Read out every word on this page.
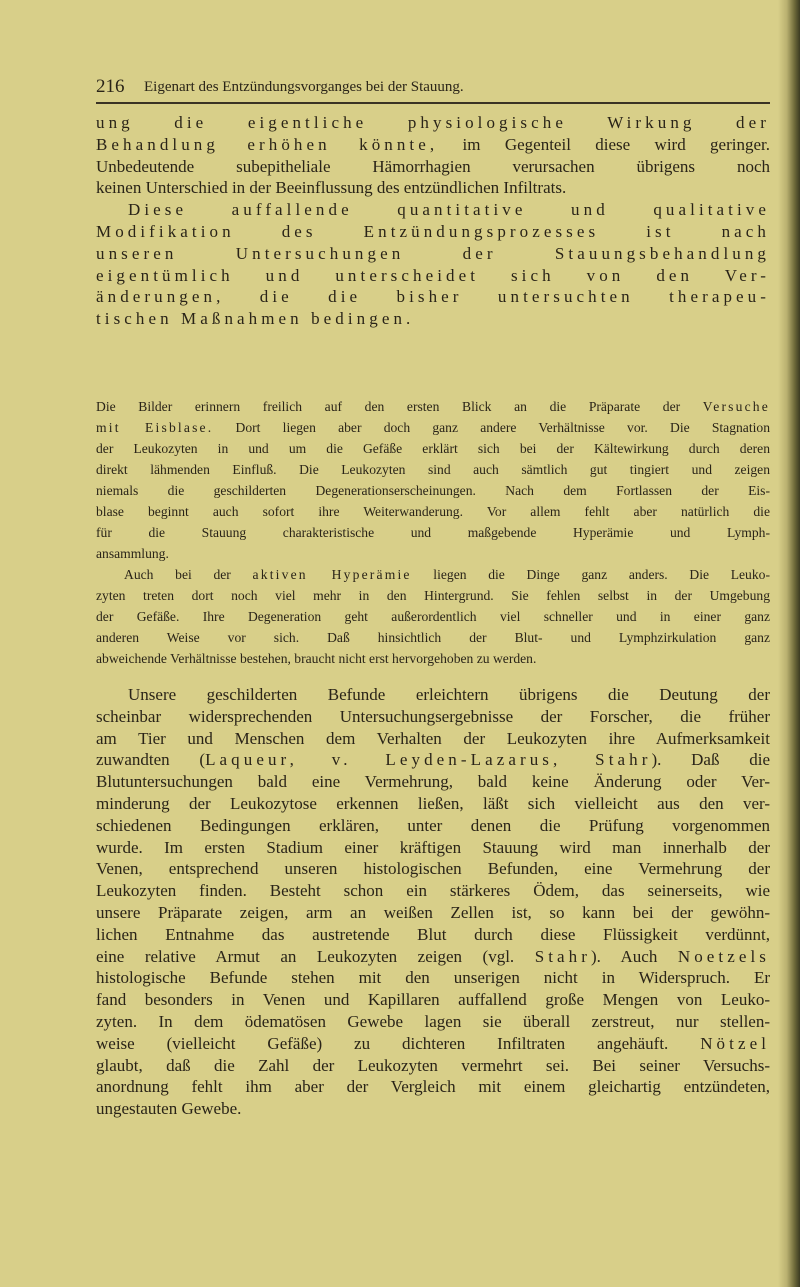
216 Eigenart des Entzündungsvorganges bei der Stauung.
ung die eigentliche physiologische Wirkung der
Behandlung erhöhen könnte, im Gegenteil diese wird geringer.
Unbedeutende subepitheliale Hämorrhagien verursachen übrigens noch
keinen Unterschied in der Beeinflussung des entzündlichen Infiltrats.
Diese auffallende quantitative und qualitative
Modifikation des Entzündungsprozesses ist nach
unseren Untersuchungen der Stauungsbehandlung
eigentümlich und unterscheidet sich von den Ver-
änderungen, die die bisher untersuchten therapeu-
tischen Maßnahmen bedingen.
Die Bilder erinnern freilich auf den ersten Blick an die Präparate der Versuche
mit Eisblase. Dort liegen aber doch ganz andere Verhältnisse vor. Die Stagnation
der Leukozyten in und um die Gefäße erklärt sich bei der Kältewirkung durch deren
direkt lähmenden Einfluß. Die Leukozyten sind auch sämtlich gut tingiert und zeigen
niemals die geschilderten Degenerationserscheinungen. Nach dem Fortlassen der Eis-
blase beginnt auch sofort ihre Weiterwanderung. Vor allem fehlt aber natürlich die
für die Stauung charakteristische und maßgebende Hyperämie und Lymph-
ansammlung.
Auch bei der aktiven Hyperämie liegen die Dinge ganz anders. Die Leuko-
zyten treten dort noch viel mehr in den Hintergrund. Sie fehlen selbst in der Umgebung
der Gefäße. Ihre Degeneration geht außerordentlich viel schneller und in einer ganz
anderen Weise vor sich. Daß hinsichtlich der Blut- und Lymphzirkulation ganz
abweichende Verhältnisse bestehen, braucht nicht erst hervorgehoben zu werden.
Unsere geschilderten Befunde erleichtern übrigens die Deutung der
scheinbar widersprechenden Untersuchungsergebnisse der Forscher, die früher
am Tier und Menschen dem Verhalten der Leukozyten ihre Aufmerksamkeit
zuwandten (Laqueur, v. Leyden-Lazarus, Stahr). Daß die
Blutuntersuchungen bald eine Vermehrung, bald keine Änderung oder Ver-
minderung der Leukozytose erkennen ließen, läßt sich vielleicht aus den ver-
schiedenen Bedingungen erklären, unter denen die Prüfung vorgenommen
wurde. Im ersten Stadium einer kräftigen Stauung wird man innerhalb der
Venen, entsprechend unseren histologischen Befunden, eine Vermehrung der
Leukozyten finden. Besteht schon ein stärkeres Ödem, das seinerseits, wie
unsere Präparate zeigen, arm an weißen Zellen ist, so kann bei der gewöhn-
lichen Entnahme das austretende Blut durch diese Flüssigkeit verdünnt,
eine relative Armut an Leukozyten zeigen (vgl. Stahr). Auch Noetzels
histologische Befunde stehen mit den unserigen nicht in Widerspruch. Er
fand besonders in Venen und Kapillaren auffallend große Mengen von Leuko-
zyten. In dem ödematösen Gewebe lagen sie überall zerstreut, nur stellen-
weise (vielleicht Gefäße) zu dichteren Infiltraten angehäuft. Nötzel
glaubt, daß die Zahl der Leukozyten vermehrt sei. Bei seiner Versuchs-
anordnung fehlt ihm aber der Vergleich mit einem gleichartig entzündeten,
ungestauten Gewebe.
